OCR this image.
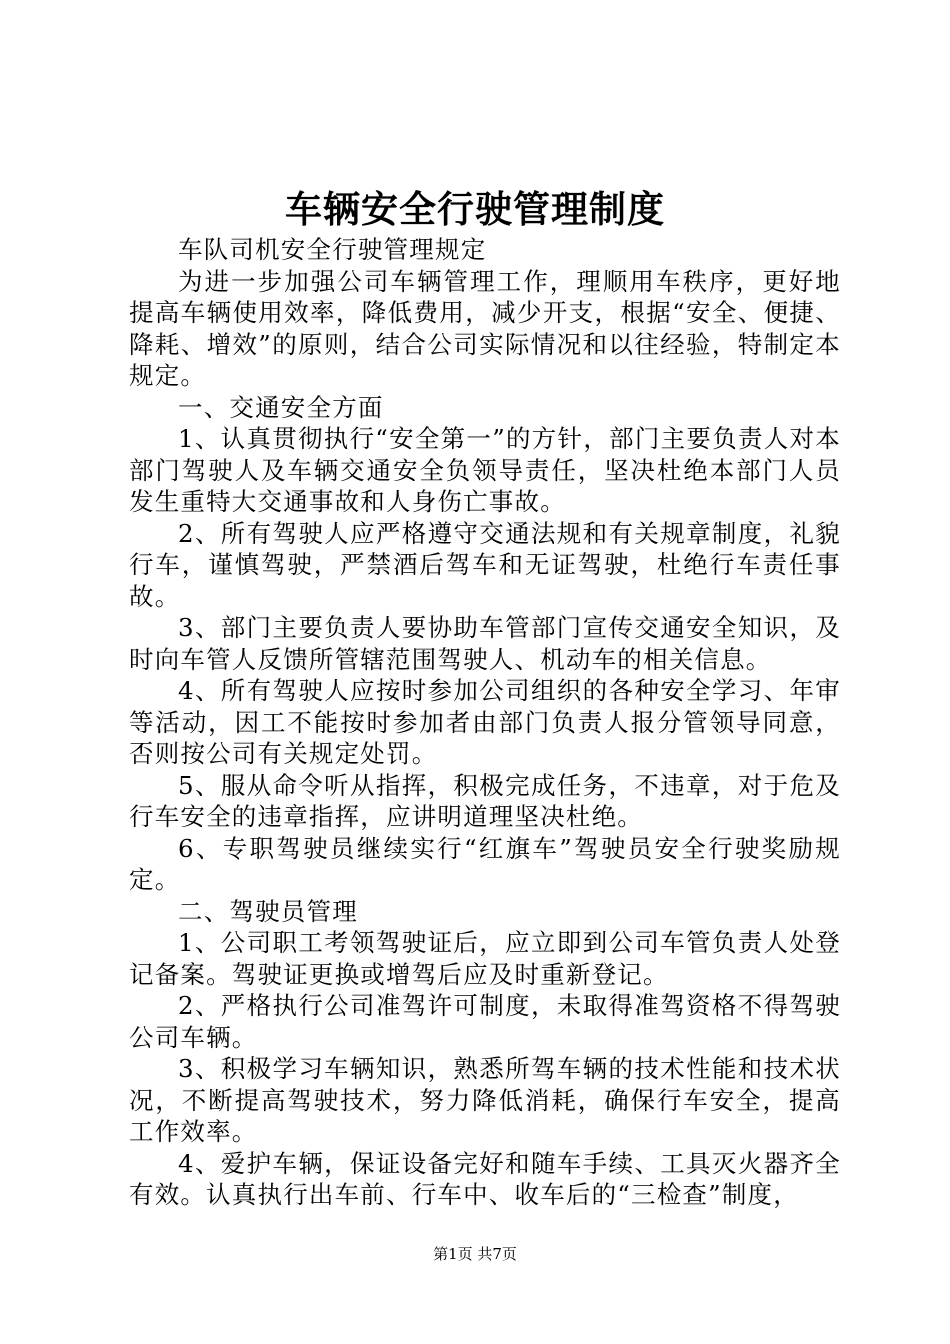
车辆安全行驶管理制度

车队司机安全行驶管理规定

为进一步加强公司车辆管理工作，理顺用车秩序，更好地提高车辆使用效率，降低费用，减少开支，根据“安全、便捷、降耗、增效”的原则，结合公司实际情况和以往经验，特制定本规定。

一、交通安全方面

1、认真贯彻执行“安全第一”的方针，部门主要负责人对本部门驾驶人及车辆交通安全负领导责任，坚决杜绝本部门人员发生重特大交通事故和人身伤亡事故。

2、所有驾驶人应严格遵守交通法规和有关规章制度，礼貌行车，谨慎驾驶，严禁酒后驾车和无证驾驶，杜绝行车责任事故。

3、部门主要负责人要协助车管部门宣传交通安全知识，及时向车管人反馈所管辖范围驾驶人、机动车的相关信息。

4、所有驾驶人应按时参加公司组织的各种安全学习、年审等活动，因工不能按时参加者由部门负责人报分管领导同意，否则按公司有关规定处罚。

5、服从命令听从指挥，积极完成任务，不违章，对于危及行车安全的违章指挥，应讲明道理坚决杜绝。

6、专职驾驶员继续实行“红旗车”驾驶员安全行驶奖励规定。

二、驾驶员管理

1、公司职工考领驾驶证后，应立即到公司车管负责人处登记备案。驾驶证更换或增驾后应及时重新登记。

2、严格执行公司准驾许可制度，未取得准驾资格不得驾驶公司车辆。

3、积极学习车辆知识，熟悉所驾车辆的技术性能和技术状况，不断提高驾驶技术，努力降低消耗，确保行车安全，提高工作效率。

4、爱护车辆，保证设备完好和随车手续、工具灭火器齐全有效。认真执行出车前、行车中、收车后的“三检查”制度，

第1页 共7页
